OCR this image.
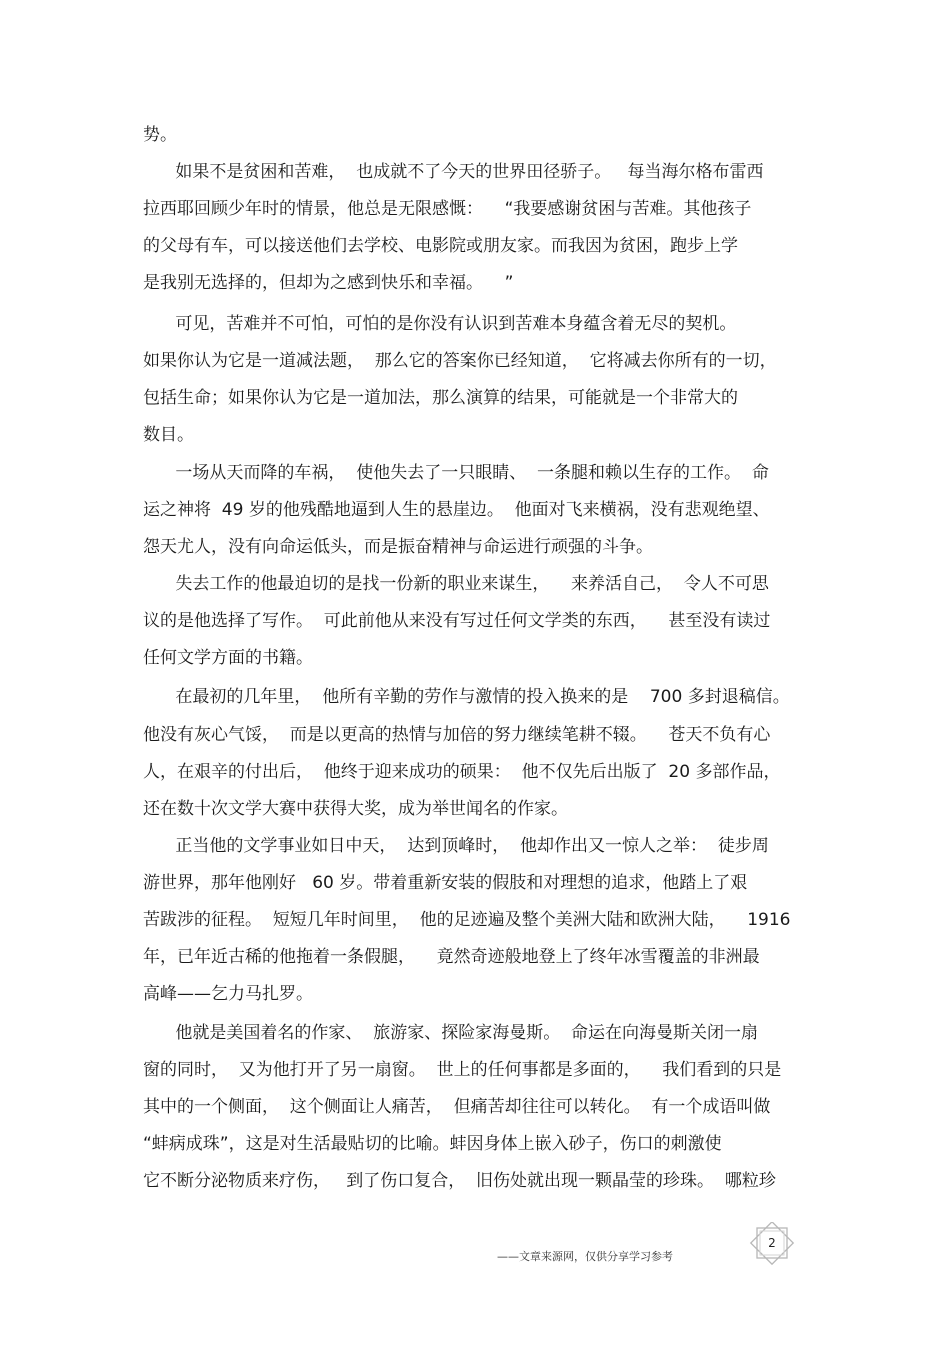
势。
如果不是贫困和苦难，  也成就不了今天的世界田径骄子。   每当海尔格布雷西
拉西耶回顾少年时的情景，他总是无限感慨：    “我要感谢贫困与苦难。其他孩子
的父母有车，可以接送他们去学校、电影院或朋友家。而我因为贫困，跑步上学
是我别无选择的，但却为之感到快乐和幸福。    ”
可见，苦难并不可怕，可怕的是你没有认识到苦难本身蕴含着无尽的契机。
如果你认为它是一道减法题，  那么它的答案你已经知道，  它将减去你所有的一切，
包括生命；如果你认为它是一道加法，那么演算的结果，可能就是一个非常大的
数目。
一场从天而降的车祸，  使他失去了一只眼睛、  一条腿和赖以生存的工作。  命
运之神将  49 岁的他残酷地逼到人生的悬崖边。  他面对飞来横祸，没有悲观绝望、
怨天尤人，没有向命运低头，而是振奋精神与命运进行顽强的斗争。
失去工作的他最迫切的是找一份新的职业来谋生，    来养活自己，  令人不可思
议的是他选择了写作。  可此前他从来没有写过任何文学类的东西，    甚至没有读过
任何文学方面的书籍。
在最初的几年里，  他所有辛勤的劳作与激情的投入换来的是    700 多封退稿信。
他没有灰心气馁，  而是以更高的热情与加倍的努力继续笔耕不辍。    苍天不负有心
人，在艰辛的付出后，  他终于迎来成功的硕果：  他不仅先后出版了  20 多部作品，
还在数十次文学大赛中获得大奖，成为举世闻名的作家。
正当他的文学事业如日中天，  达到顶峰时，  他却作出又一惊人之举：  徒步周
游世界，那年他刚好   60 岁。带着重新安装的假肢和对理想的追求，他踏上了艰
苦跋涉的征程。  短短几年时间里，  他的足迹遍及整个美洲大陆和欧洲大陆，    1916
年，已年近古稀的他拖着一条假腿，    竟然奇迹般地登上了终年冰雪覆盖的非洲最
高峰——乞力马扎罗。
他就是美国着名的作家、  旅游家、探险家海曼斯。  命运在向海曼斯关闭一扇
窗的同时，  又为他打开了另一扇窗。  世上的任何事都是多面的，    我们看到的只是
其中的一个侧面，  这个侧面让人痛苦，  但痛苦却往往可以转化。  有一个成语叫做
“蚌病成珠”，这是对生活最贴切的比喻。蚌因身体上嵌入砂子，伤口的刺激使
它不断分泌物质来疗伤，   到了伤口复合，  旧伤处就出现一颗晶莹的珍珠。  哪粒珍
——文章来源网，仅供分享学习参考
2
